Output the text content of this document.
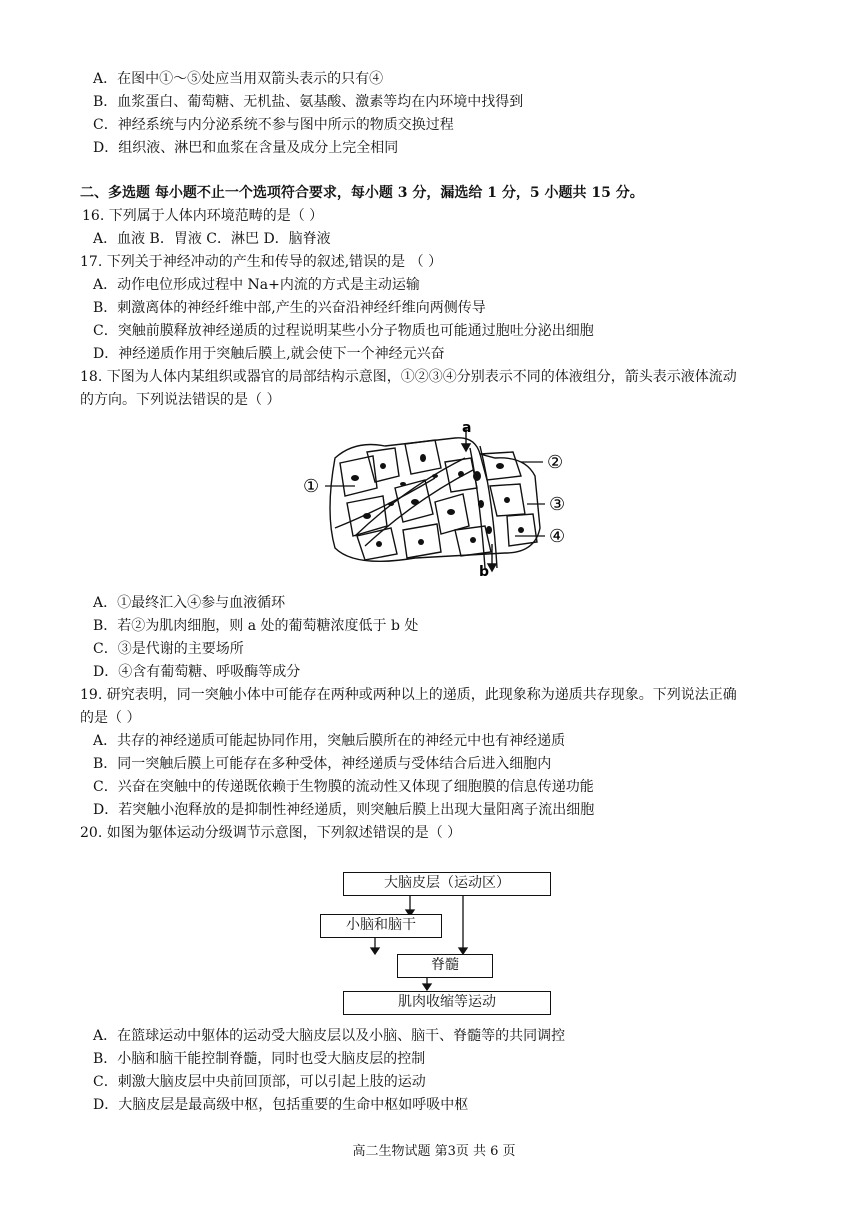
A．在图中①～⑤处应当用双箭头表示的只有④
B．血浆蛋白、葡萄糖、无机盐、氨基酸、激素等均在内环境中找得到
C．神经系统与内分泌系统不参与图中所示的物质交换过程
D．组织液、淋巴和血浆在含量及成分上完全相同
二、多选题 每小题不止一个选项符合要求，每小题 3 分，漏选给 1 分，5 小题共 15 分。
16. 下列属于人体内环境范畴的是（ ）
A．血液 B．胃液 C．淋巴 D．脑脊液
17. 下列关于神经冲动的产生和传导的叙述,错误的是 （ ）
A．动作电位形成过程中 Na+内流的方式是主动运输
B．刺激离体的神经纤维中部,产生的兴奋沿神经纤维向两侧传导
C．突触前膜释放神经递质的过程说明某些小分子物质也可能通过胞吐分泌出细胞
D．神经递质作用于突触后膜上,就会使下一个神经元兴奋
18. 下图为人体内某组织或器官的局部结构示意图，①②③④分别表示不同的体液组分，箭头表示液体流动
的方向。下列说法错误的是（ ）
a
b
①
②
③
④
A．①最终汇入④参与血液循环
B．若②为肌肉细胞，则 a 处的葡萄糖浓度低于 b 处
C．③是代谢的主要场所
D．④含有葡萄糖、呼吸酶等成分
19. 研究表明，同一突触小体中可能存在两种或两种以上的递质，此现象称为递质共存现象。下列说法正确
的是（ ）
A．共存的神经递质可能起协同作用，突触后膜所在的神经元中也有神经递质
B．同一突触后膜上可能存在多种受体，神经递质与受体结合后进入细胞内
C．兴奋在突触中的传递既依赖于生物膜的流动性又体现了细胞膜的信息传递功能
D．若突触小泡释放的是抑制性神经递质，则突触后膜上出现大量阳离子流出细胞
20. 如图为躯体运动分级调节示意图，下列叙述错误的是（ ）
大脑皮层（运动区）
小脑和脑干
脊髓
肌肉收缩等运动
A．在篮球运动中躯体的运动受大脑皮层以及小脑、脑干、脊髓等的共同调控
B．小脑和脑干能控制脊髓，同时也受大脑皮层的控制
C．刺激大脑皮层中央前回顶部，可以引起上肢的运动
D．大脑皮层是最高级中枢，包括重要的生命中枢如呼吸中枢
高二生物试题 第3页 共 6 页
